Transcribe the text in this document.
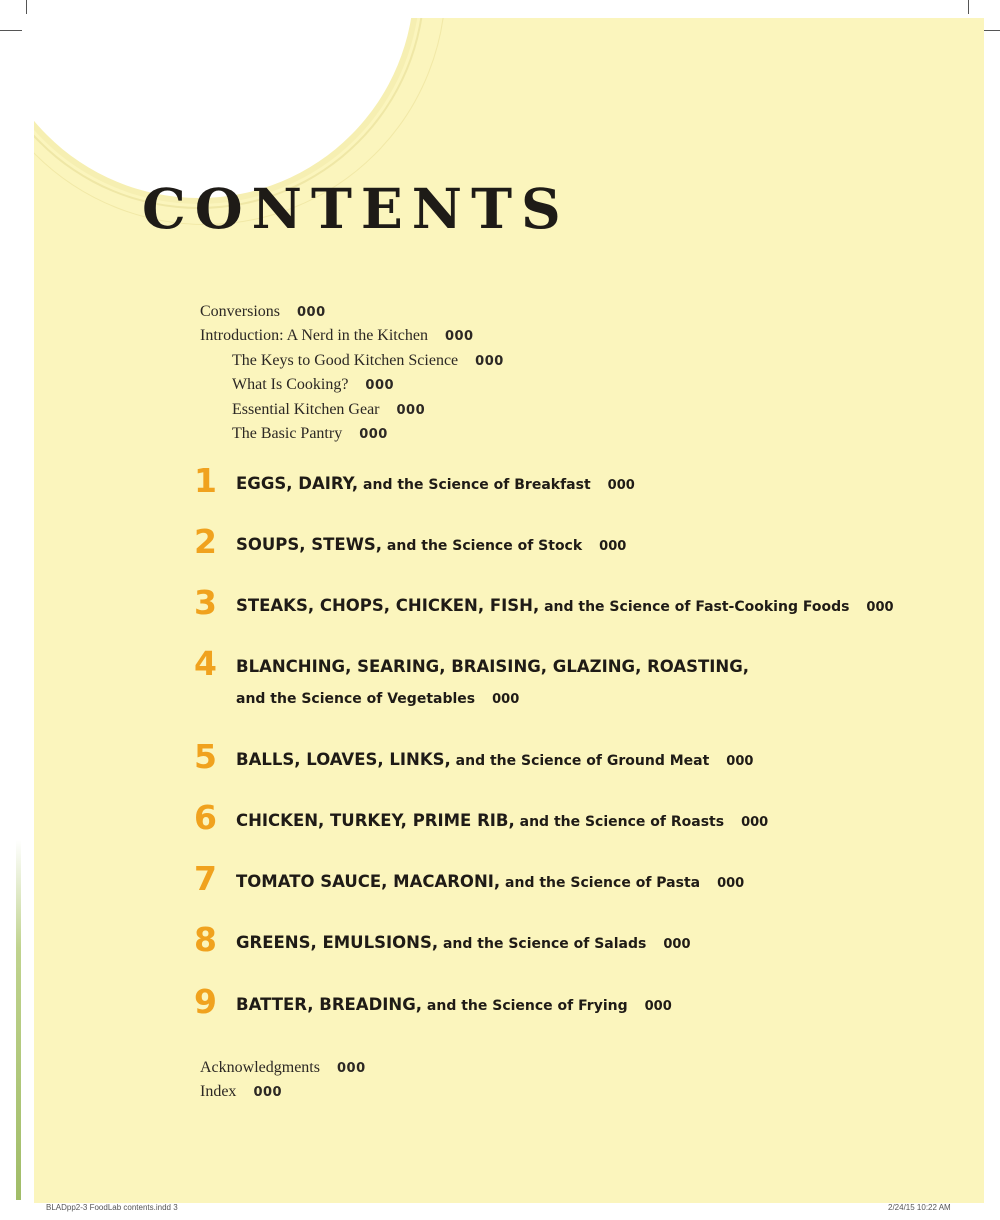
CONTENTS
Conversions 000
Introduction: A Nerd in the Kitchen 000
The Keys to Good Kitchen Science 000
What Is Cooking? 000
Essential Kitchen Gear 000
The Basic Pantry 000
1 EGGS, DAIRY, and the Science of Breakfast 000
2 SOUPS, STEWS, and the Science of Stock 000
3 STEAKS, CHOPS, CHICKEN, FISH, and the Science of Fast-Cooking Foods 000
4 BLANCHING, SEARING, BRAISING, GLAZING, ROASTING,
and the Science of Vegetables 000
5 BALLS, LOAVES, LINKS, and the Science of Ground Meat 000
6 CHICKEN, TURKEY, PRIME RIB, and the Science of Roasts 000
7 TOMATO SAUCE, MACARONI, and the Science of Pasta 000
8 GREENS, EMULSIONS, and the Science of Salads 000
9 BATTER, BREADING, and the Science of Frying 000
Acknowledgments 000
Index 000
BLADpp2-3 FoodLab contents.indd 3	2/24/15 10:22 AM
